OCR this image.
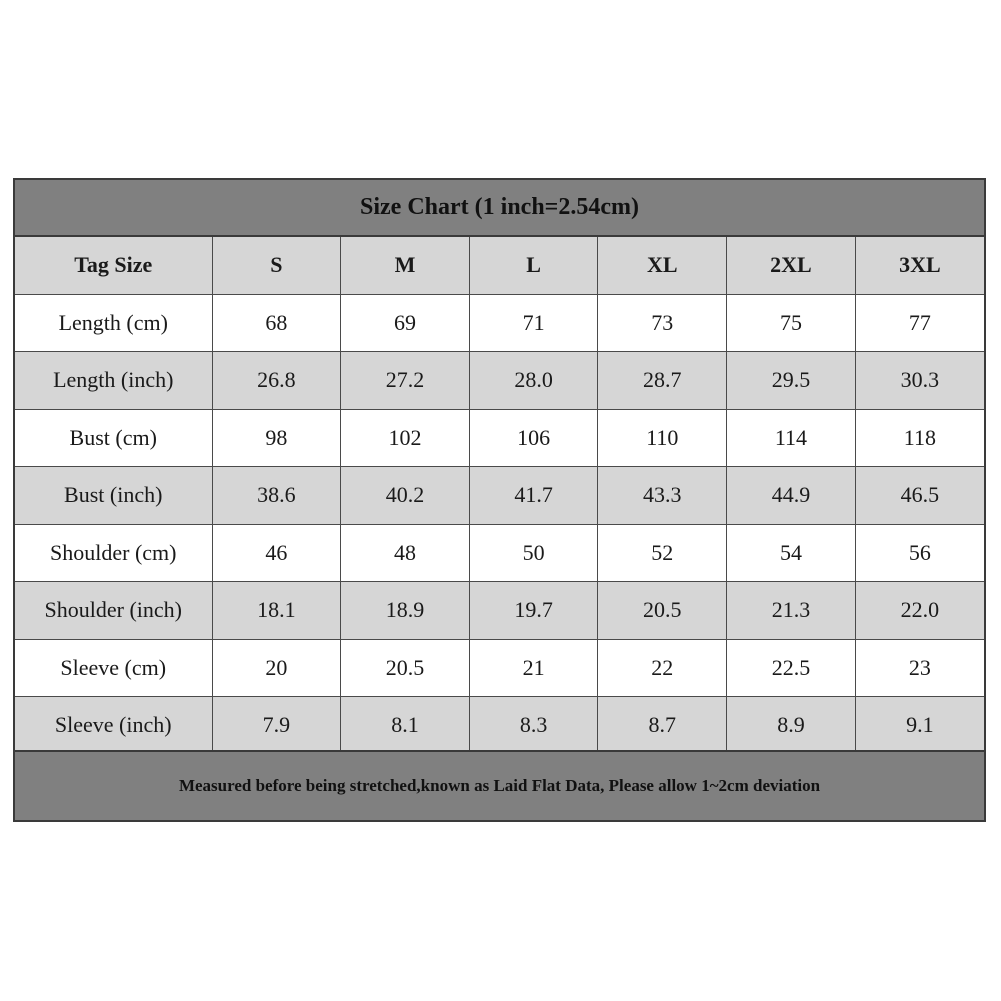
Size Chart (1 inch=2.54cm)
Tag Size	S	M	L	XL	2XL	3XL
Length (cm)	68	69	71	73	75	77
Length (inch)	26.8	27.2	28.0	28.7	29.5	30.3
Bust (cm)	98	102	106	110	114	118
Bust (inch)	38.6	40.2	41.7	43.3	44.9	46.5
Shoulder (cm)	46	48	50	52	54	56
Shoulder (inch)	18.1	18.9	19.7	20.5	21.3	22.0
Sleeve (cm)	20	20.5	21	22	22.5	23
Sleeve (inch)	7.9	8.1	8.3	8.7	8.9	9.1
Measured before being stretched,known as Laid Flat Data, Please allow 1~2cm deviation
